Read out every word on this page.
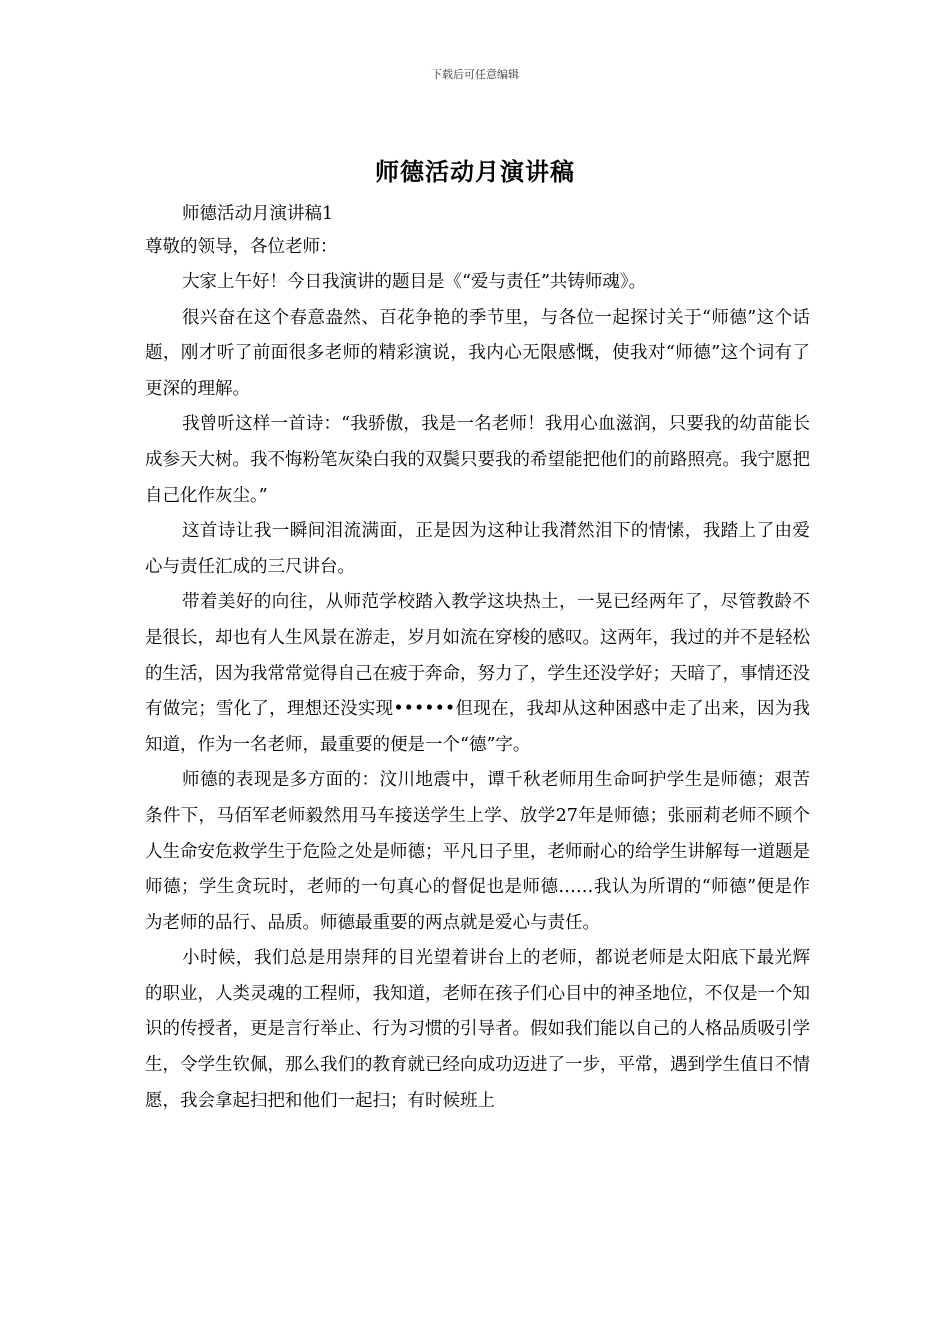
下载后可任意编辑
师德活动月演讲稿

师德活动月演讲稿1

尊敬的领导，各位老师：

大家上午好！今日我演讲的题目是《“爱与责任”共铸师魂》。

很兴奋在这个春意盎然、百花争艳的季节里，与各位一起探讨关于“师德”这个话题，刚才听了前面很多老师的精彩演说，我内心无限感慨，使我对“师德”这个词有了更深的理解。

我曾听这样一首诗：“我骄傲，我是一名老师！我用心血滋润，只要我的幼苗能长成参天大树。我不悔粉笔灰染白我的双鬓只要我的希望能把他们的前路照亮。我宁愿把自己化作灰尘。”

这首诗让我一瞬间泪流满面，正是因为这种让我潸然泪下的情愫，我踏上了由爱心与责任汇成的三尺讲台。

带着美好的向往，从师范学校踏入教学这块热土，一晃已经两年了，尽管教龄不是很长，却也有人生风景在游走，岁月如流在穿梭的感叹。这两年，我过的并不是轻松的生活，因为我常常觉得自己在疲于奔命，努力了，学生还没学好；天暗了，事情还没有做完；雪化了，理想还没实现••••••但现在，我却从这种困惑中走了出来，因为我知道，作为一名老师，最重要的便是一个“德”字。

师德的表现是多方面的：汶川地震中，谭千秋老师用生命呵护学生是师德；艰苦条件下，马佰军老师毅然用马车接送学生上学、放学27年是师德；张丽莉老师不顾个人生命安危救学生于危险之处是师德；平凡日子里，老师耐心的给学生讲解每一道题是师德；学生贪玩时，老师的一句真心的督促也是师德……我认为所谓的“师德”便是作为老师的品行、品质。师德最重要的两点就是爱心与责任。

小时候，我们总是用崇拜的目光望着讲台上的老师，都说老师是太阳底下最光辉的职业，人类灵魂的工程师，我知道，老师在孩子们心目中的神圣地位，不仅是一个知识的传授者，更是言行举止、行为习惯的引导者。假如我们能以自己的人格品质吸引学生，令学生钦佩，那么我们的教育就已经向成功迈进了一步，平常，遇到学生值日不情愿，我会拿起扫把和他们一起扫；有时候班上
